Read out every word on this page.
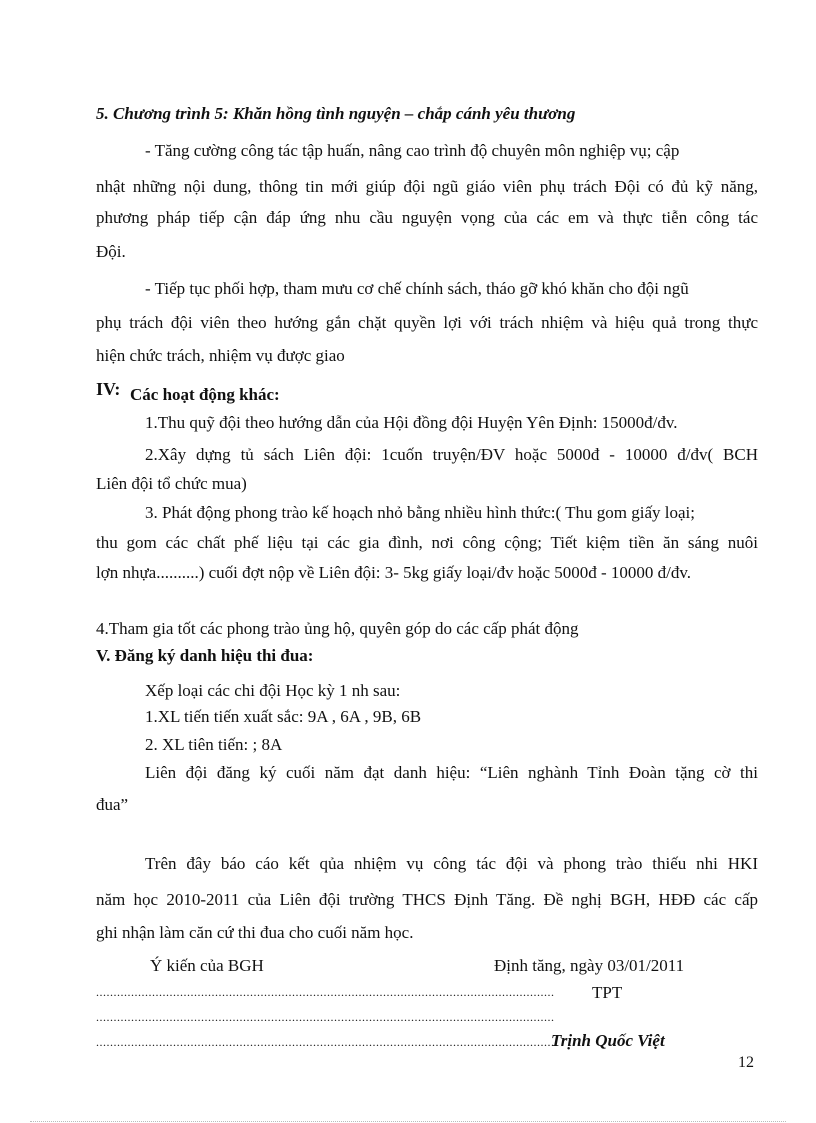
5. Chương trình 5: Khăn hồng tình nguyện – chắp cánh yêu thương
- Tăng cường công tác tập huấn, nâng cao trình độ chuyên môn nghiệp vụ; cập
nhật những nội dung, thông tin mới giúp đội ngũ giáo viên phụ trách Đội có đủ kỹ năng,
phương pháp tiếp cận đáp ứng nhu cầu nguyện vọng của các em và thực tiễn công tác
Đội.
- Tiếp tục phối hợp, tham mưu cơ chế chính sách, tháo gỡ khó khăn cho đội ngũ
phụ trách đội viên theo hướng gắn chặt quyền lợi với trách nhiệm và hiệu quả trong thực
hiện chức trách, nhiệm vụ được giao
IV: Các hoạt động khác:
1.Thu quỹ đội theo hướng dẫn của Hội đồng đội Huyện Yên Định: 15000đ/đv.
2.Xây dựng tủ sách Liên đội: 1cuốn truyện/ĐV hoặc 5000đ - 10000 đ/đv( BCH
Liên đội tổ chức mua)
3. Phát động phong trào kế hoạch nhỏ bằng nhiều hình thức:( Thu gom giấy loại;
thu gom các chất phế liệu tại các gia đình, nơi công cộng; Tiết kiệm tiền ăn sáng nuôi
lợn nhựa..........) cuối đợt nộp về Liên đội: 3- 5kg giấy loại/đv hoặc 5000đ - 10000 đ/đv.
4.Tham gia tốt các phong trào ủng hộ, quyên góp do các cấp phát động
V. Đăng ký danh hiệu thi đua:
Xếp loại các chi đội Học kỳ 1 nh sau:
1.XL tiến tiến xuất sắc: 9A , 6A , 9B, 6B
2. XL tiên tiến: ; 8A
Liên đội đăng ký cuối năm đạt danh hiệu: “Liên nghành Tỉnh Đoàn tặng cờ thi
đua”
Trên đây báo cáo kết qủa nhiệm vụ công tác đội và phong trào thiếu nhi HKI
năm học 2010-2011 của Liên đội trường THCS Định Tăng. Đề nghị BGH, HĐĐ các cấp
ghi nhận làm căn cứ thi đua cho cuối năm học.
Ý kiến của BGH
...................................................................................................................................
...................................................................................................................................
...................................................................................................................................
Định tăng, ngày 03/01/2011
TPT
Trịnh Quốc Việt
12
